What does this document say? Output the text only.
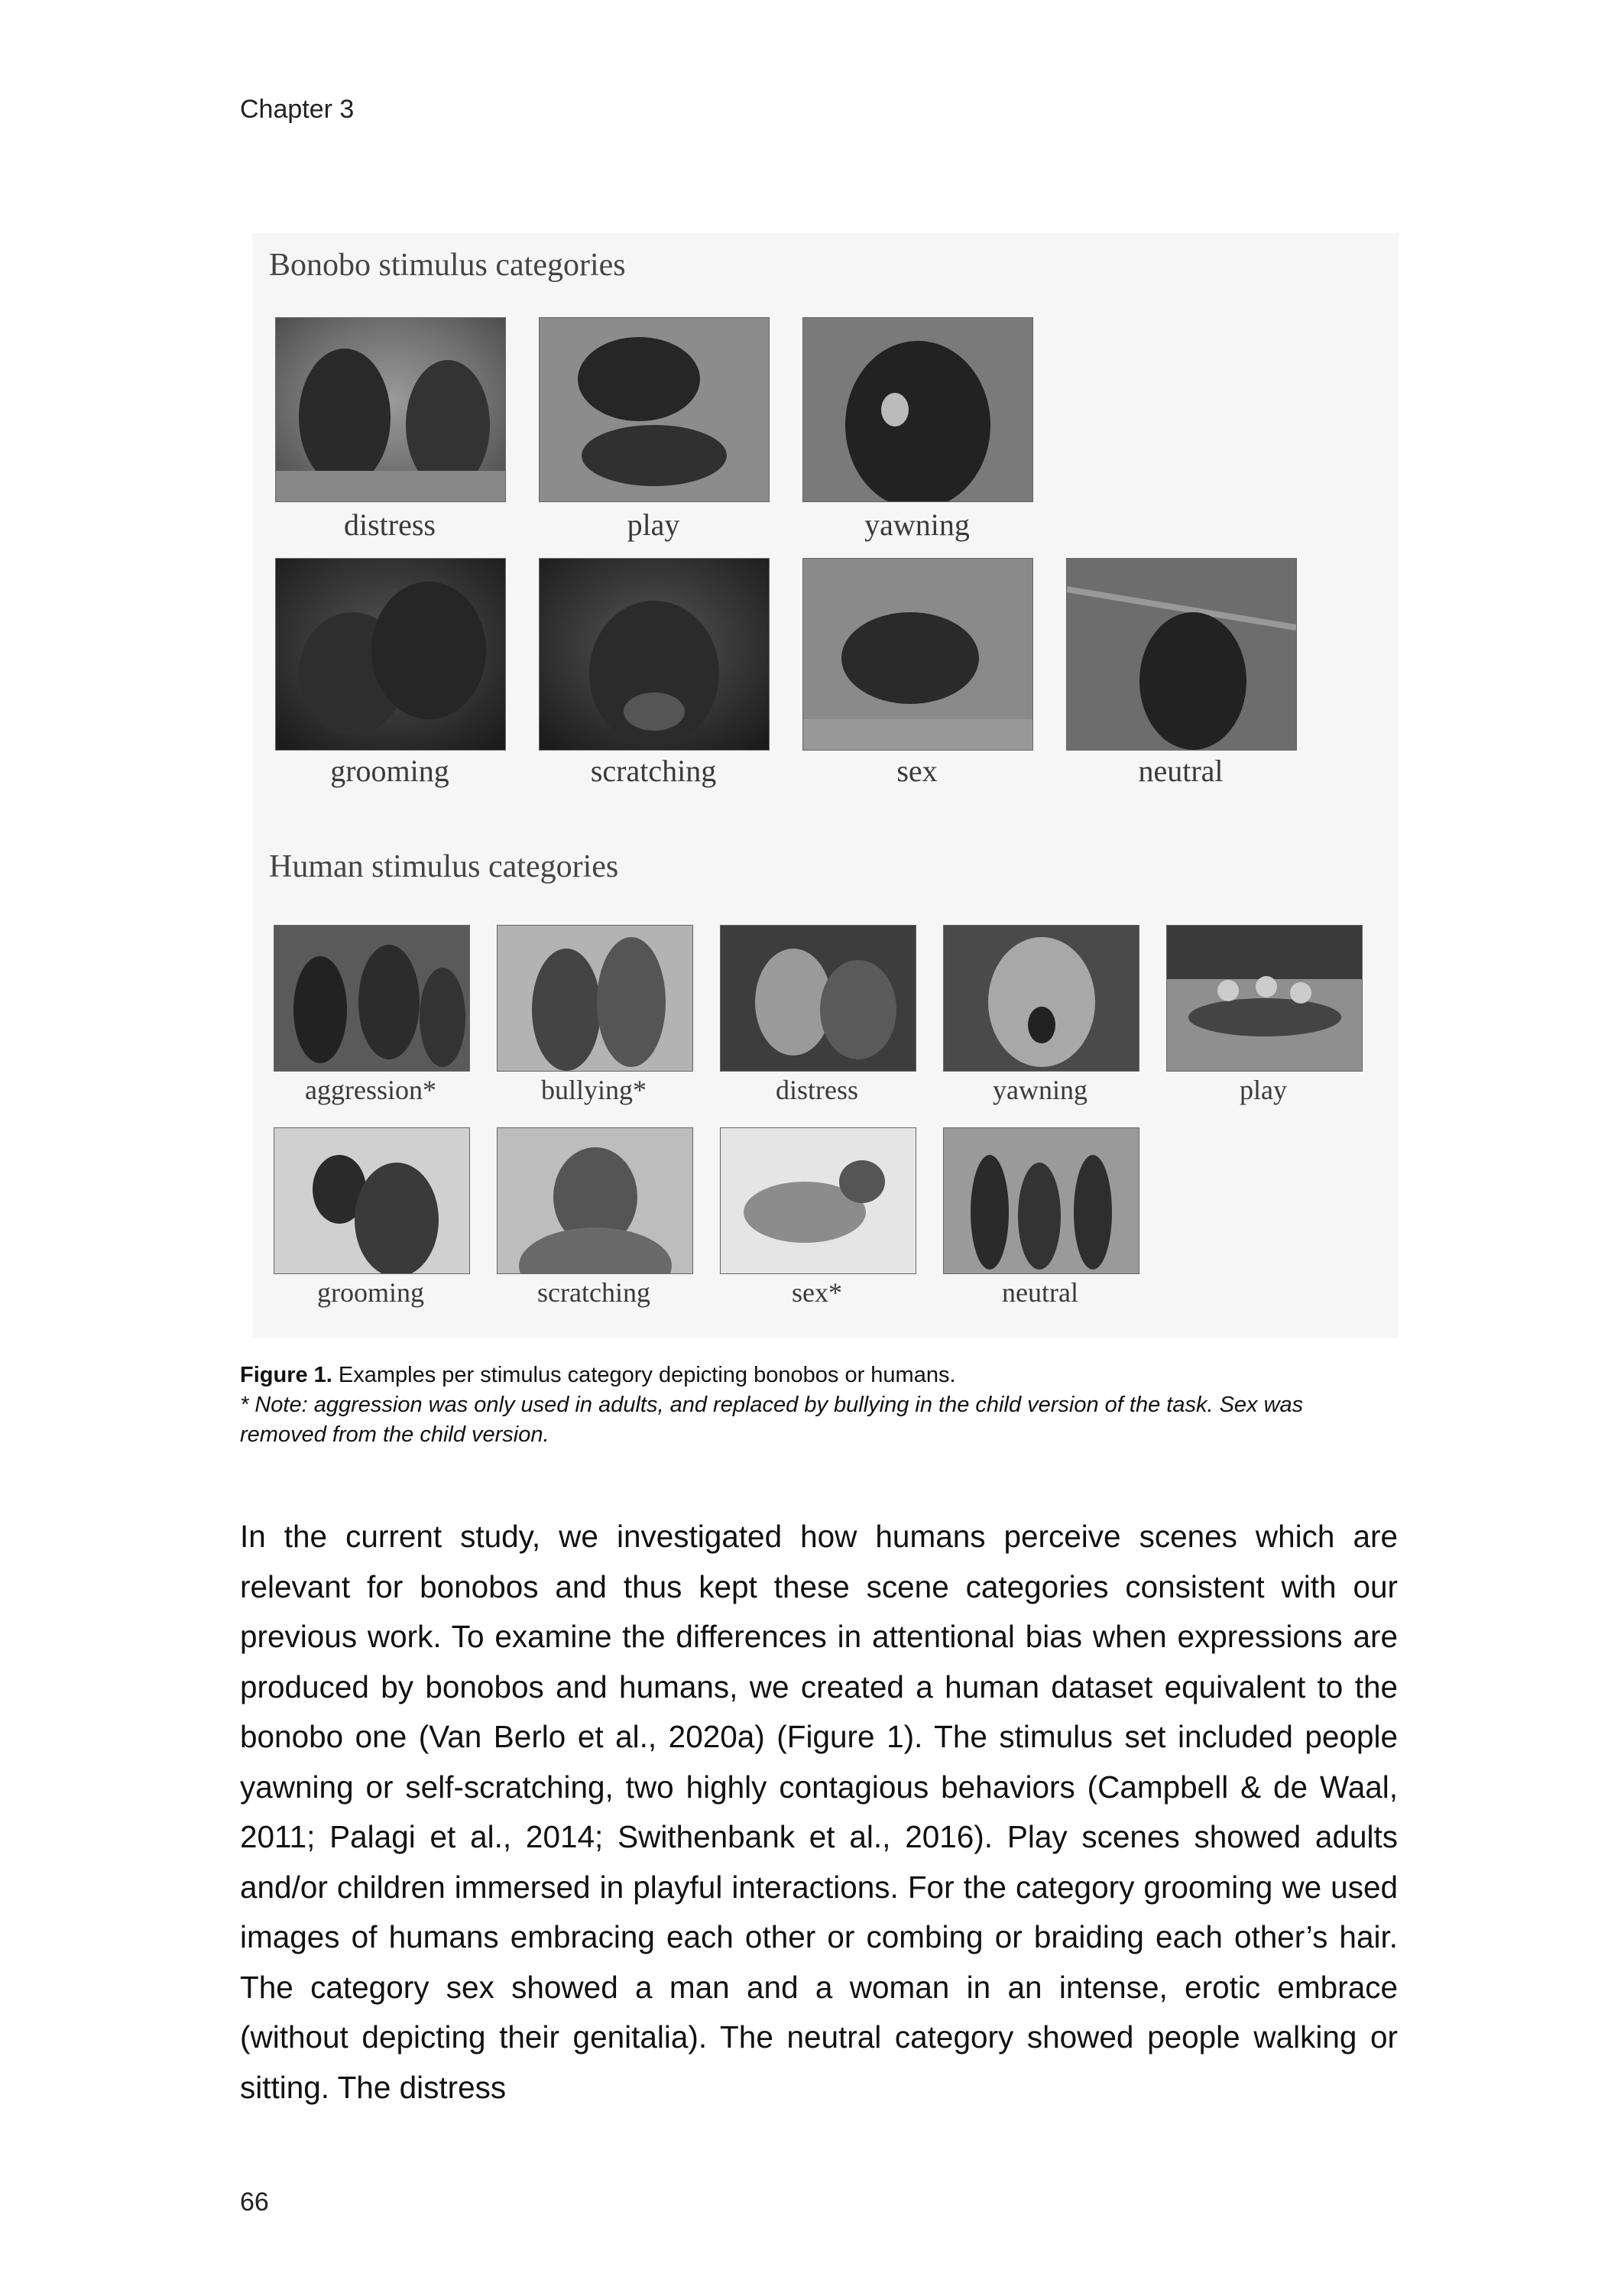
Chapter 3
Bonobo stimulus categories
distress	play	yawning
grooming	scratching	sex	neutral
Human stimulus categories
aggression*	bullying*	distress	yawning	play
grooming	scratching	sex*	neutral
Figure 1. Examples per stimulus category depicting bonobos or humans.
* Note: aggression was only used in adults, and replaced by bullying in the child version of the task. Sex was removed from the child version.
In the current study, we investigated how humans perceive scenes which are relevant for bonobos and thus kept these scene categories consistent with our previous work. To examine the differences in attentional bias when expressions are produced by bonobos and humans, we created a human dataset equivalent to the bonobo one (Van Berlo et al., 2020a) (Figure 1). The stimulus set included people yawning or self-scratching, two highly contagious behaviors (Campbell & de Waal, 2011; Palagi et al., 2014; Swithenbank et al., 2016). Play scenes showed adults and/or children immersed in playful interactions. For the category grooming we used images of humans embracing each other or combing or braiding each other’s hair. The category sex showed a man and a woman in an intense, erotic embrace (without depicting their genitalia). The neutral category showed people walking or sitting. The distress
66
